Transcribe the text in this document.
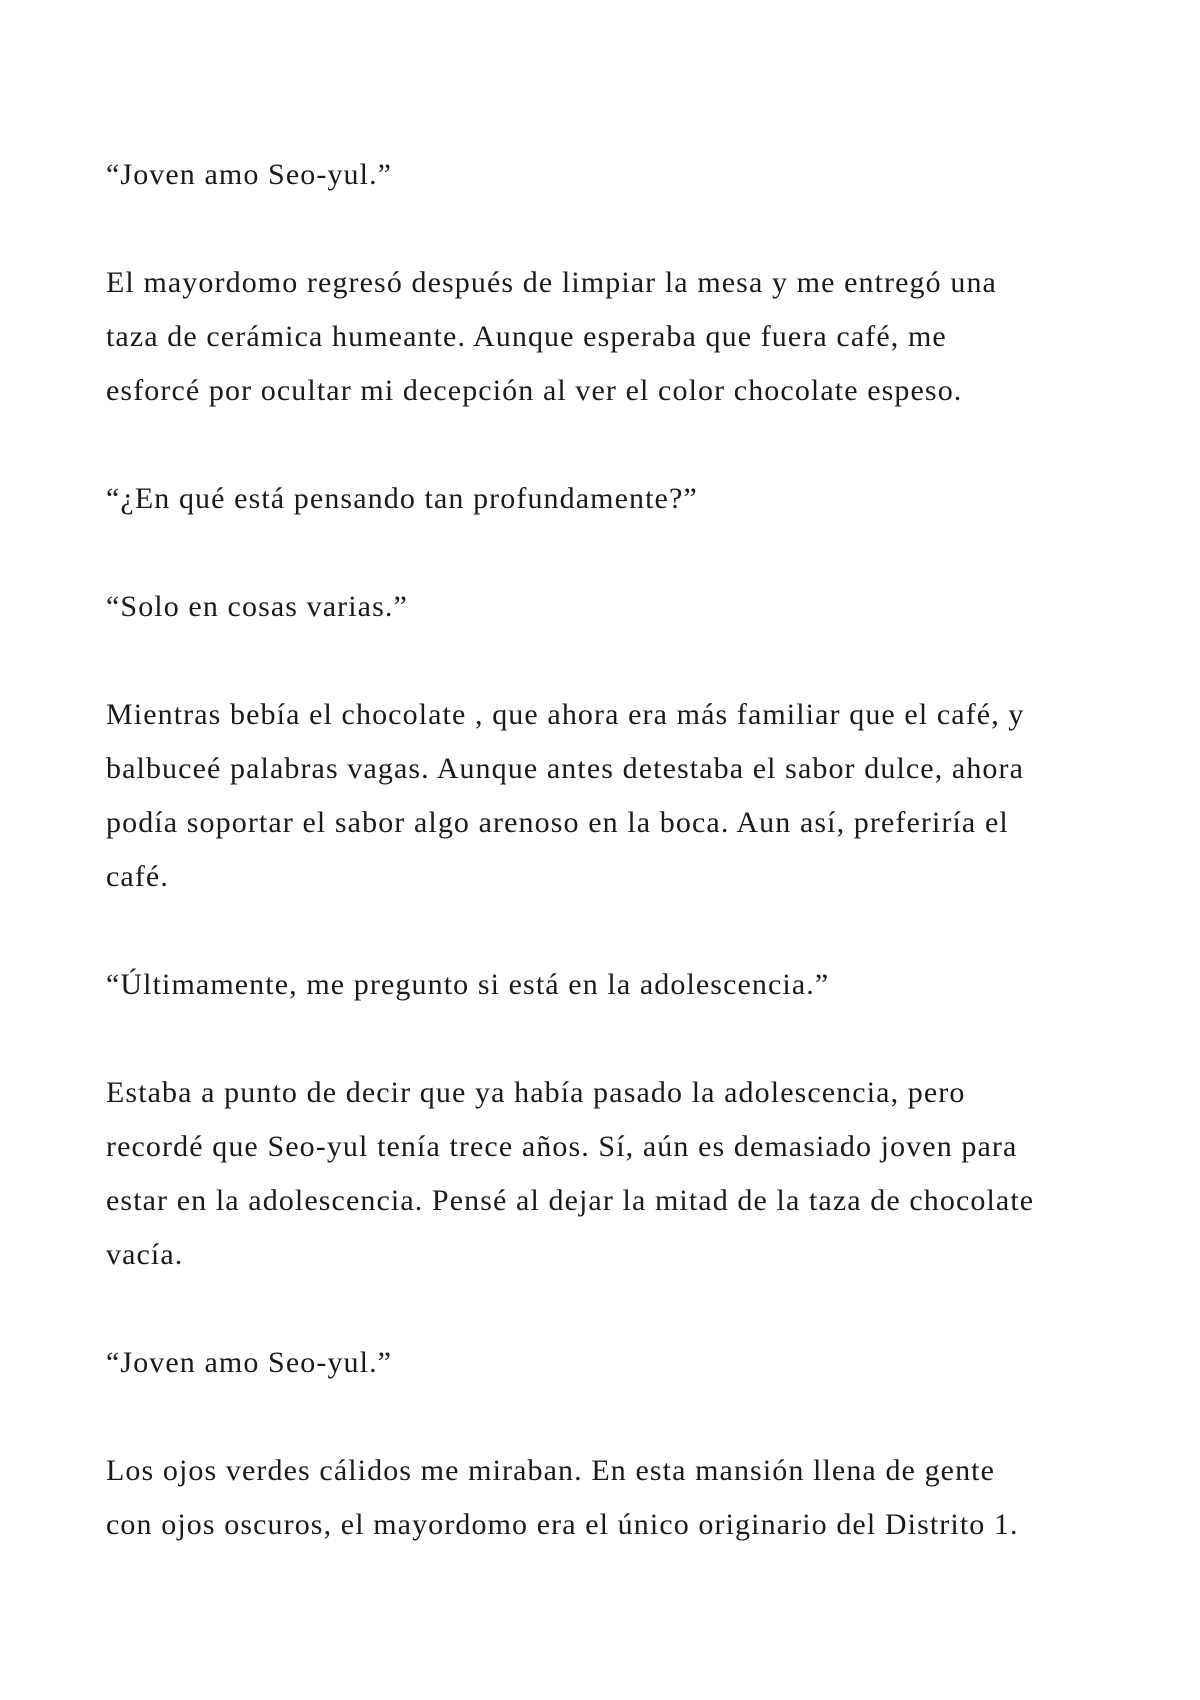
“Joven amo Seo-yul.”

El mayordomo regresó después de limpiar la mesa y me entregó una
taza de cerámica humeante. Aunque esperaba que fuera café, me
esforcé por ocultar mi decepción al ver el color chocolate espeso.

“¿En qué está pensando tan profundamente?”

“Solo en cosas varias.”

Mientras bebía el chocolate , que ahora era más familiar que el café, y
balbuceé palabras vagas. Aunque antes detestaba el sabor dulce, ahora
podía soportar el sabor algo arenoso en la boca. Aun así, preferiría el
café.

“Últimamente, me pregunto si está en la adolescencia.”

Estaba a punto de decir que ya había pasado la adolescencia, pero
recordé que Seo-yul tenía trece años. Sí, aún es demasiado joven para
estar en la adolescencia. Pensé al dejar la mitad de la taza de chocolate
vacía.

“Joven amo Seo-yul.”

Los ojos verdes cálidos me miraban. En esta mansión llena de gente
con ojos oscuros, el mayordomo era el único originario del Distrito 1.
